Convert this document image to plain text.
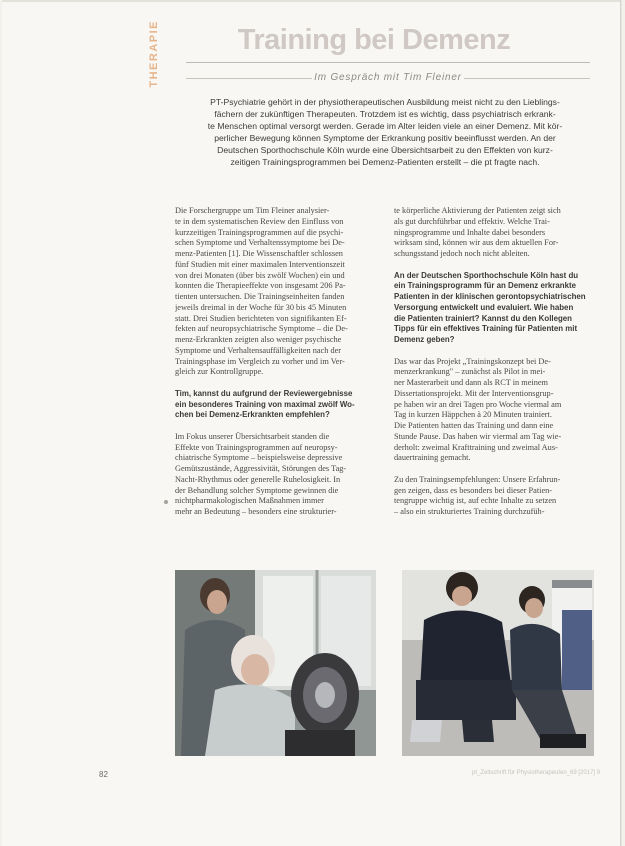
THERAPIE	Training bei Demenz
Im Gespräch mit Tim Fleiner
PT-Psychiatrie gehört in der physiotherapeutischen Ausbildung meist nicht zu den Lieblings-
fächern der zukünftigen Therapeuten. Trotzdem ist es wichtig, dass psychiatrisch erkrank-
te Menschen optimal versorgt werden. Gerade im Alter leiden viele an einer Demenz. Mit kör-
perlicher Bewegung können Symptome der Erkrankung positiv beeinflusst werden. An der
Deutschen Sporthochschule Köln wurde eine Übersichtsarbeit zu den Effekten von kurz-
zeitigen Trainingsprogrammen bei Demenz-Patienten erstellt – die pt fragte nach.
Die Forschergruppe um Tim Fleiner analysier-
te in dem systematischen Review den Einfluss von
kurzzeitigen Trainingsprogrammen auf die psychi-
schen Symptome und Verhaltenssymptome bei De-
menz-Patienten [1]. Die Wissenschaftler schlossen
fünf Studien mit einer maximalen Interventionszeit
von drei Monaten (über bis zwölf Wochen) ein und
konnten die Therapieeffekte von insgesamt 206 Pa-
tienten untersuchen. Die Trainingseinheiten fanden
jeweils dreimal in der Woche für 30 bis 45 Minuten
statt. Drei Studien berichteten von signifikanten Ef-
fekten auf neuropsychiatrische Symptome – die De-
menz-Erkrankten zeigten also weniger psychische
Symptome und Verhaltensauffälligkeiten nach der
Trainingsphase im Vergleich zu vorher und im Ver-
gleich zur Kontrollgruppe.
Tim, kannst du aufgrund der Reviewergebnisse
ein besonderes Training von maximal zwölf Wo-
chen bei Demenz-Erkrankten empfehlen?
Im Fokus unserer Übersichtsarbeit standen die
Effekte von Trainingsprogrammen auf neuropsy-
chiatrische Symptome – beispielsweise depressive
Gemütszustände, Aggressivität, Störungen des Tag-
Nacht-Rhythmus oder generelle Ruhelosigkeit. In
der Behandlung solcher Symptome gewinnen die
nichtpharmakologischen Maßnahmen immer
mehr an Bedeutung – besonders eine strukturier-
te körperliche Aktivierung der Patienten zeigt sich
als gut durchführbar und effektiv. Welche Trai-
ningsprogramme und Inhalte dabei besonders
wirksam sind, können wir aus dem aktuellen For-
schungsstand jedoch noch nicht ableiten.
An der Deutschen Sporthochschule Köln hast du
ein Trainingsprogramm für an Demenz erkrankte
Patienten in der klinischen gerontopsychiatrischen
Versorgung entwickelt und evaluiert. Wie haben
die Patienten trainiert? Kannst du den Kollegen
Tipps für ein effektives Training für Patienten mit
Demenz geben?
Das war das Projekt „Trainingskonzept bei De-
menzerkrankung" – zunächst als Pilot in mei-
ner Masterarbeit und dann als RCT in meinem
Dissertationsprojekt. Mit der Interventionsgrup-
pe haben wir an drei Tagen pro Woche viermal am
Tag in kurzen Häppchen à 20 Minuten trainiert.
Die Patienten hatten das Training und dann eine
Stunde Pause. Das haben wir viermal am Tag wie-
derholt: zweimal Krafttraining und zweimal Aus-
dauertraining gemacht.
Zu den Trainingsempfehlungen: Unsere Erfahrun-
gen zeigen, dass es besonders bei dieser Patien-
tengruppe wichtig ist, auf echte Inhalte zu setzen
– also ein strukturiertes Training durchzufüh-
82	pt_Zeitschrift für Physiotherapeuten_69 [2017] 9
